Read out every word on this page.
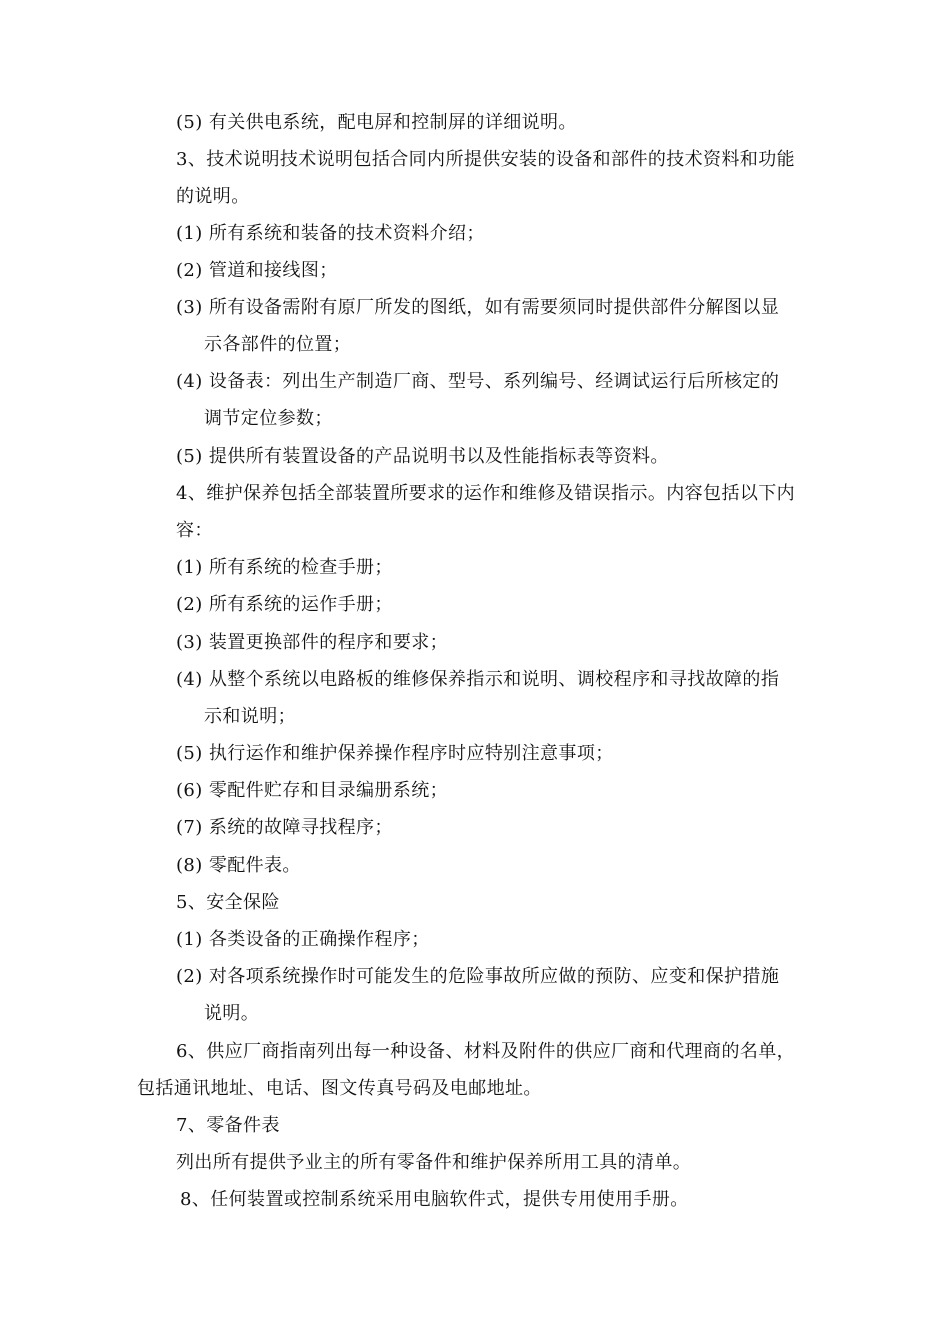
(5) 有关供电系统，配电屏和控制屏的详细说明。

3、技术说明技术说明包括合同内所提供安装的设备和部件的技术资料和功能

的说明。

(1) 所有系统和装备的技术资料介绍；

(2) 管道和接线图；

(3) 所有设备需附有原厂所发的图纸，如有需要须同时提供部件分解图以显

示各部件的位置；

(4) 设备表：列出生产制造厂商、型号、系列编号、经调试运行后所核定的

调节定位参数；

(5) 提供所有装置设备的产品说明书以及性能指标表等资料。

4、维护保养包括全部装置所要求的运作和维修及错误指示。内容包括以下内

容：

(1) 所有系统的检查手册；

(2) 所有系统的运作手册；

(3) 装置更换部件的程序和要求；

(4) 从整个系统以电路板的维修保养指示和说明、调校程序和寻找故障的指

示和说明；

(5) 执行运作和维护保养操作程序时应特别注意事项；

(6) 零配件贮存和目录编册系统；

(7) 系统的故障寻找程序；

(8) 零配件表。

5、安全保险

(1) 各类设备的正确操作程序；

(2) 对各项系统操作时可能发生的危险事故所应做的预防、应变和保护措施

说明。

6、供应厂商指南列出每一种设备、材料及附件的供应厂商和代理商的名单，

包括通讯地址、电话、图文传真号码及电邮地址。

7、零备件表

列出所有提供予业主的所有零备件和维护保养所用工具的清单。

8、任何装置或控制系统采用电脑软件式，提供专用使用手册。
